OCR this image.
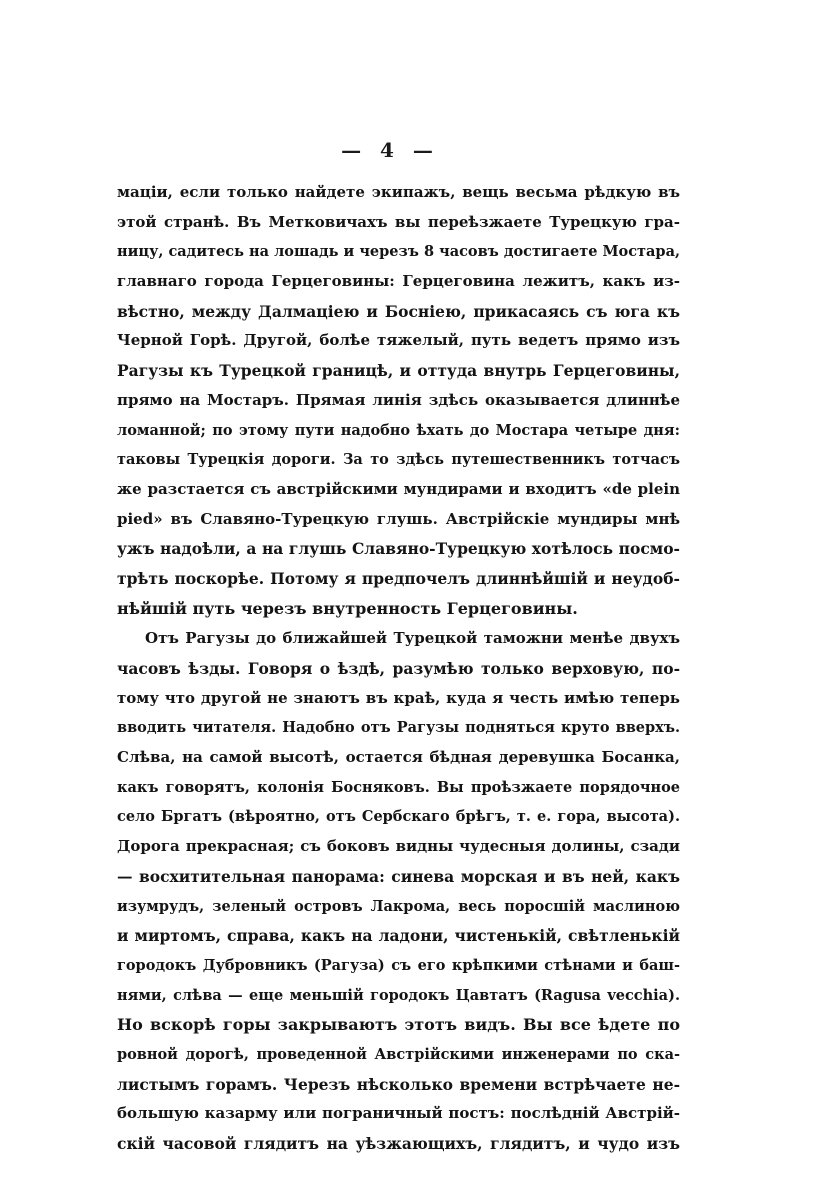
— 4 —
мацiи, если только найдете экипажъ, вещь весьма рѣдкую въ
этой странѣ. Въ Метковичахъ вы переѣзжаете Турецкую гра-
ницу, садитесь на лошадь и черезъ 8 часовъ достигаете Мостара,
главнаго города Герцеговины: Герцеговина лежитъ, какъ из-
вѣстно, между Далмацiею и Боснiею, прикасаясь съ юга къ
Черной Горѣ. Другой, болѣе тяжелый, путь ведетъ прямо изъ
Рагузы къ Турецкой границѣ, и оттуда внутрь Герцеговины,
прямо на Мостаръ. Прямая линiя здѣсь оказывается длиннѣе
ломанной; по этому пути надобно ѣхать до Мостара четыре дня:
таковы Турецкiя дороги. За то здѣсь путешественникъ тотчасъ
же разстается съ австрiйскими мундирами и входитъ «de plein
pied» въ Славяно-Турецкую глушь. Австрiйскiе мундиры мнѣ
ужъ надоѣли, а на глушь Славяно-Турецкую хотѣлось посмо-
трѣть поскорѣе. Потому я предпочелъ длиннѣйшiй и неудоб-
нѣйшiй путь черезъ внутренность Герцеговины.
Отъ Рагузы до ближайшей Турецкой таможни менѣе двухъ
часовъ ѣзды. Говоря о ѣздѣ, разумѣю только верховую, по-
тому что другой не знаютъ въ краѣ, куда я честь имѣю теперь
вводить читателя. Надобно отъ Рагузы подняться круто вверхъ.
Слѣва, на самой высотѣ, остается бѣдная деревушка Босанка,
какъ говорятъ, колонiя Босняковъ. Вы проѣзжаете порядочное
село Бргатъ (вѣроятно, отъ Сербскаго брѣгъ, т. е. гора, высота).
Дорога прекрасная; съ боковъ видны чудесныя долины, сзади
— восхитительная панорама: синева морская и въ ней, какъ
изумрудъ, зеленый островъ Лакрома, весь поросшiй маслиною
и миртомъ, справа, какъ на ладони, чистенькiй, свѣтленькiй
городокъ Дубровникъ (Рагуза) съ его крѣпкими стѣнами и баш-
нями, слѣва — еще меньшiй городокъ Цавтатъ (Ragusa vecchia).
Но вскорѣ горы закрываютъ этотъ видъ. Вы все ѣдете по
ровной дорогѣ, проведенной Австрiйскими инженерами по ска-
листымъ горамъ. Черезъ нѣсколько времени встрѣчаете не-
большую казарму или пограничный постъ: послѣднiй Австрiй-
скiй часовой глядитъ на уѣзжающихъ, глядитъ, и чудо изъ
